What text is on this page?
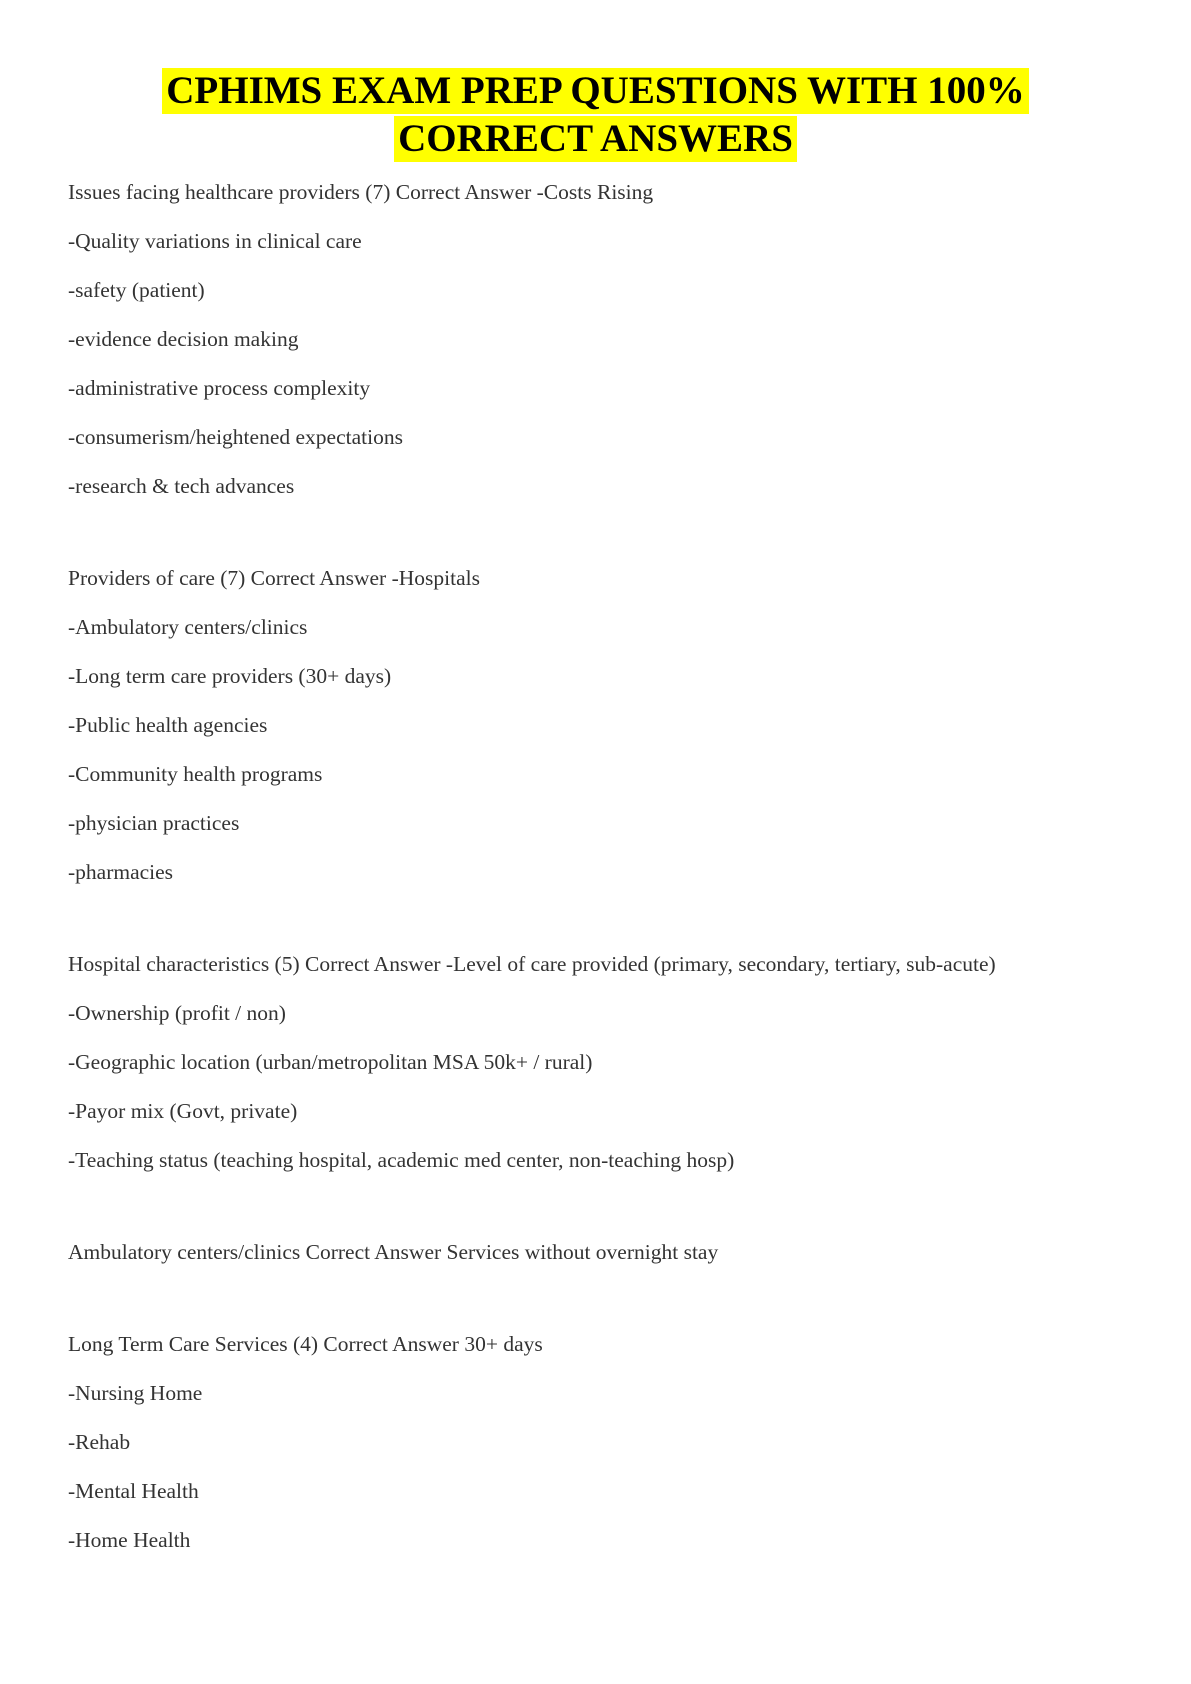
CPHIMS EXAM PREP QUESTIONS WITH 100%
CORRECT ANSWERS
Issues facing healthcare providers (7) Correct Answer -Costs Rising
-Quality variations in clinical care
-safety (patient)
-evidence decision making
-administrative process complexity
-consumerism/heightened expectations
-research & tech advances
Providers of care (7) Correct Answer -Hospitals
-Ambulatory centers/clinics
-Long term care providers (30+ days)
-Public health agencies
-Community health programs
-physician practices
-pharmacies
Hospital characteristics (5) Correct Answer -Level of care provided (primary, secondary, tertiary, sub-acute)
-Ownership (profit / non)
-Geographic location (urban/metropolitan MSA 50k+ / rural)
-Payor mix (Govt, private)
-Teaching status (teaching hospital, academic med center, non-teaching hosp)
Ambulatory centers/clinics Correct Answer Services without overnight stay
Long Term Care Services (4) Correct Answer 30+ days
-Nursing Home
-Rehab
-Mental Health
-Home Health
